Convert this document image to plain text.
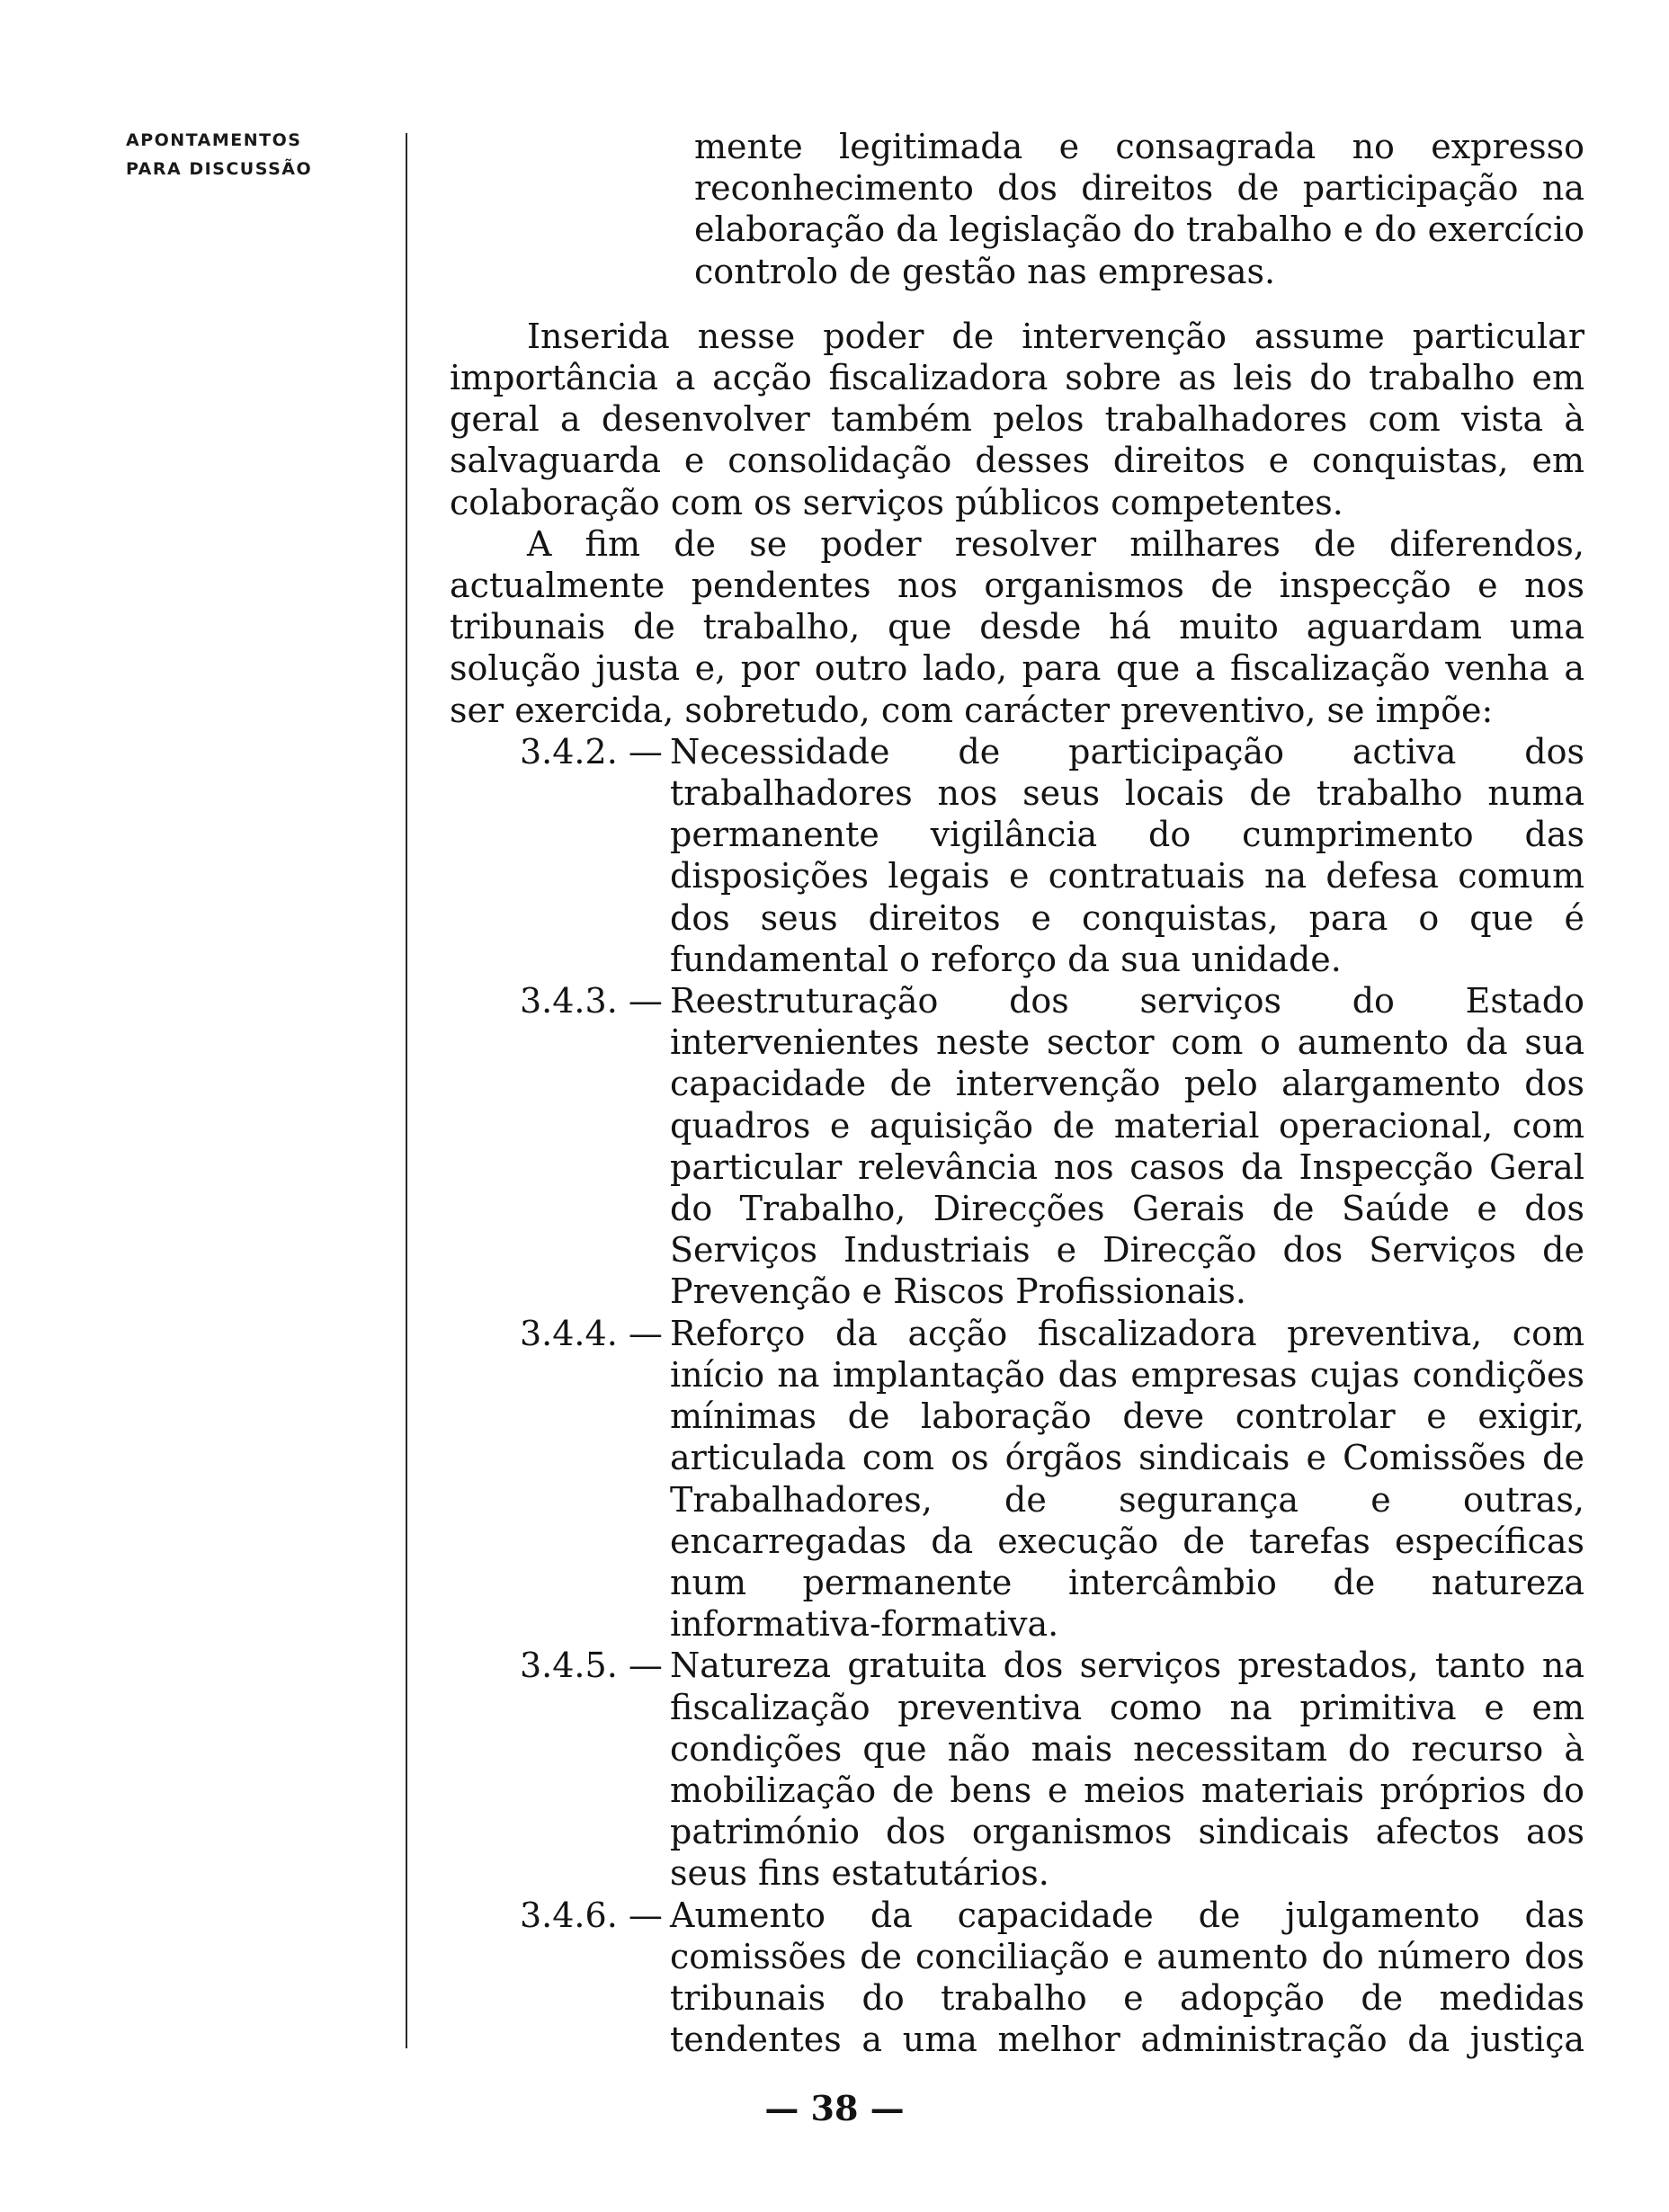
APONTAMENTOS
PARA DISCUSSÃO

mente legitimada e consagrada no expresso reconhecimento dos direitos de participação na elaboração da legislação do trabalho e do exercício controlo de gestão nas empresas.

Inserida nesse poder de intervenção assume particular importância a acção fiscalizadora sobre as leis do trabalho em geral a desenvolver também pelos trabalhadores com vista à salvaguarda e consolidação desses direitos e conquistas, em colaboração com os serviços públicos competentes.

A fim de se poder resolver milhares de diferendos, actualmente pendentes nos organismos de inspecção e nos tribunais de trabalho, que desde há muito aguardam uma solução justa e, por outro lado, para que a fiscalização venha a ser exercida, sobretudo, com carácter preventivo, se impõe:

3.4.2. — Necessidade de participação activa dos trabalhadores nos seus locais de trabalho numa permanente vigilância do cumprimento das disposições legais e contratuais na defesa comum dos seus direitos e conquistas, para o que é fundamental o reforço da sua unidade.
3.4.3. — Reestruturação dos serviços do Estado intervenientes neste sector com o aumento da sua capacidade de intervenção pelo alargamento dos quadros e aquisição de material operacional, com particular relevância nos casos da Inspecção Geral do Trabalho, Direcções Gerais de Saúde e dos Serviços Industriais e Direcção dos Serviços de Prevenção e Riscos Profissionais.
3.4.4. — Reforço da acção fiscalizadora preventiva, com início na implantação das empresas cujas condições mínimas de laboração deve controlar e exigir, articulada com os órgãos sindicais e Comissões de Trabalhadores, de segurança e outras, encarregadas da execução de tarefas específicas num permanente intercâmbio de natureza informativa-formativa.
3.4.5. — Natureza gratuita dos serviços prestados, tanto na fiscalização preventiva como na primitiva e em condições que não mais necessitam do recurso à mobilização de bens e meios materiais próprios do património dos organismos sindicais afectos aos seus fins estatutários.
3.4.6. — Aumento da capacidade de julgamento das comissões de conciliação e aumento do número dos tribunais do trabalho e adopção de medidas tendentes a uma melhor administração da justiça
— 38 —
